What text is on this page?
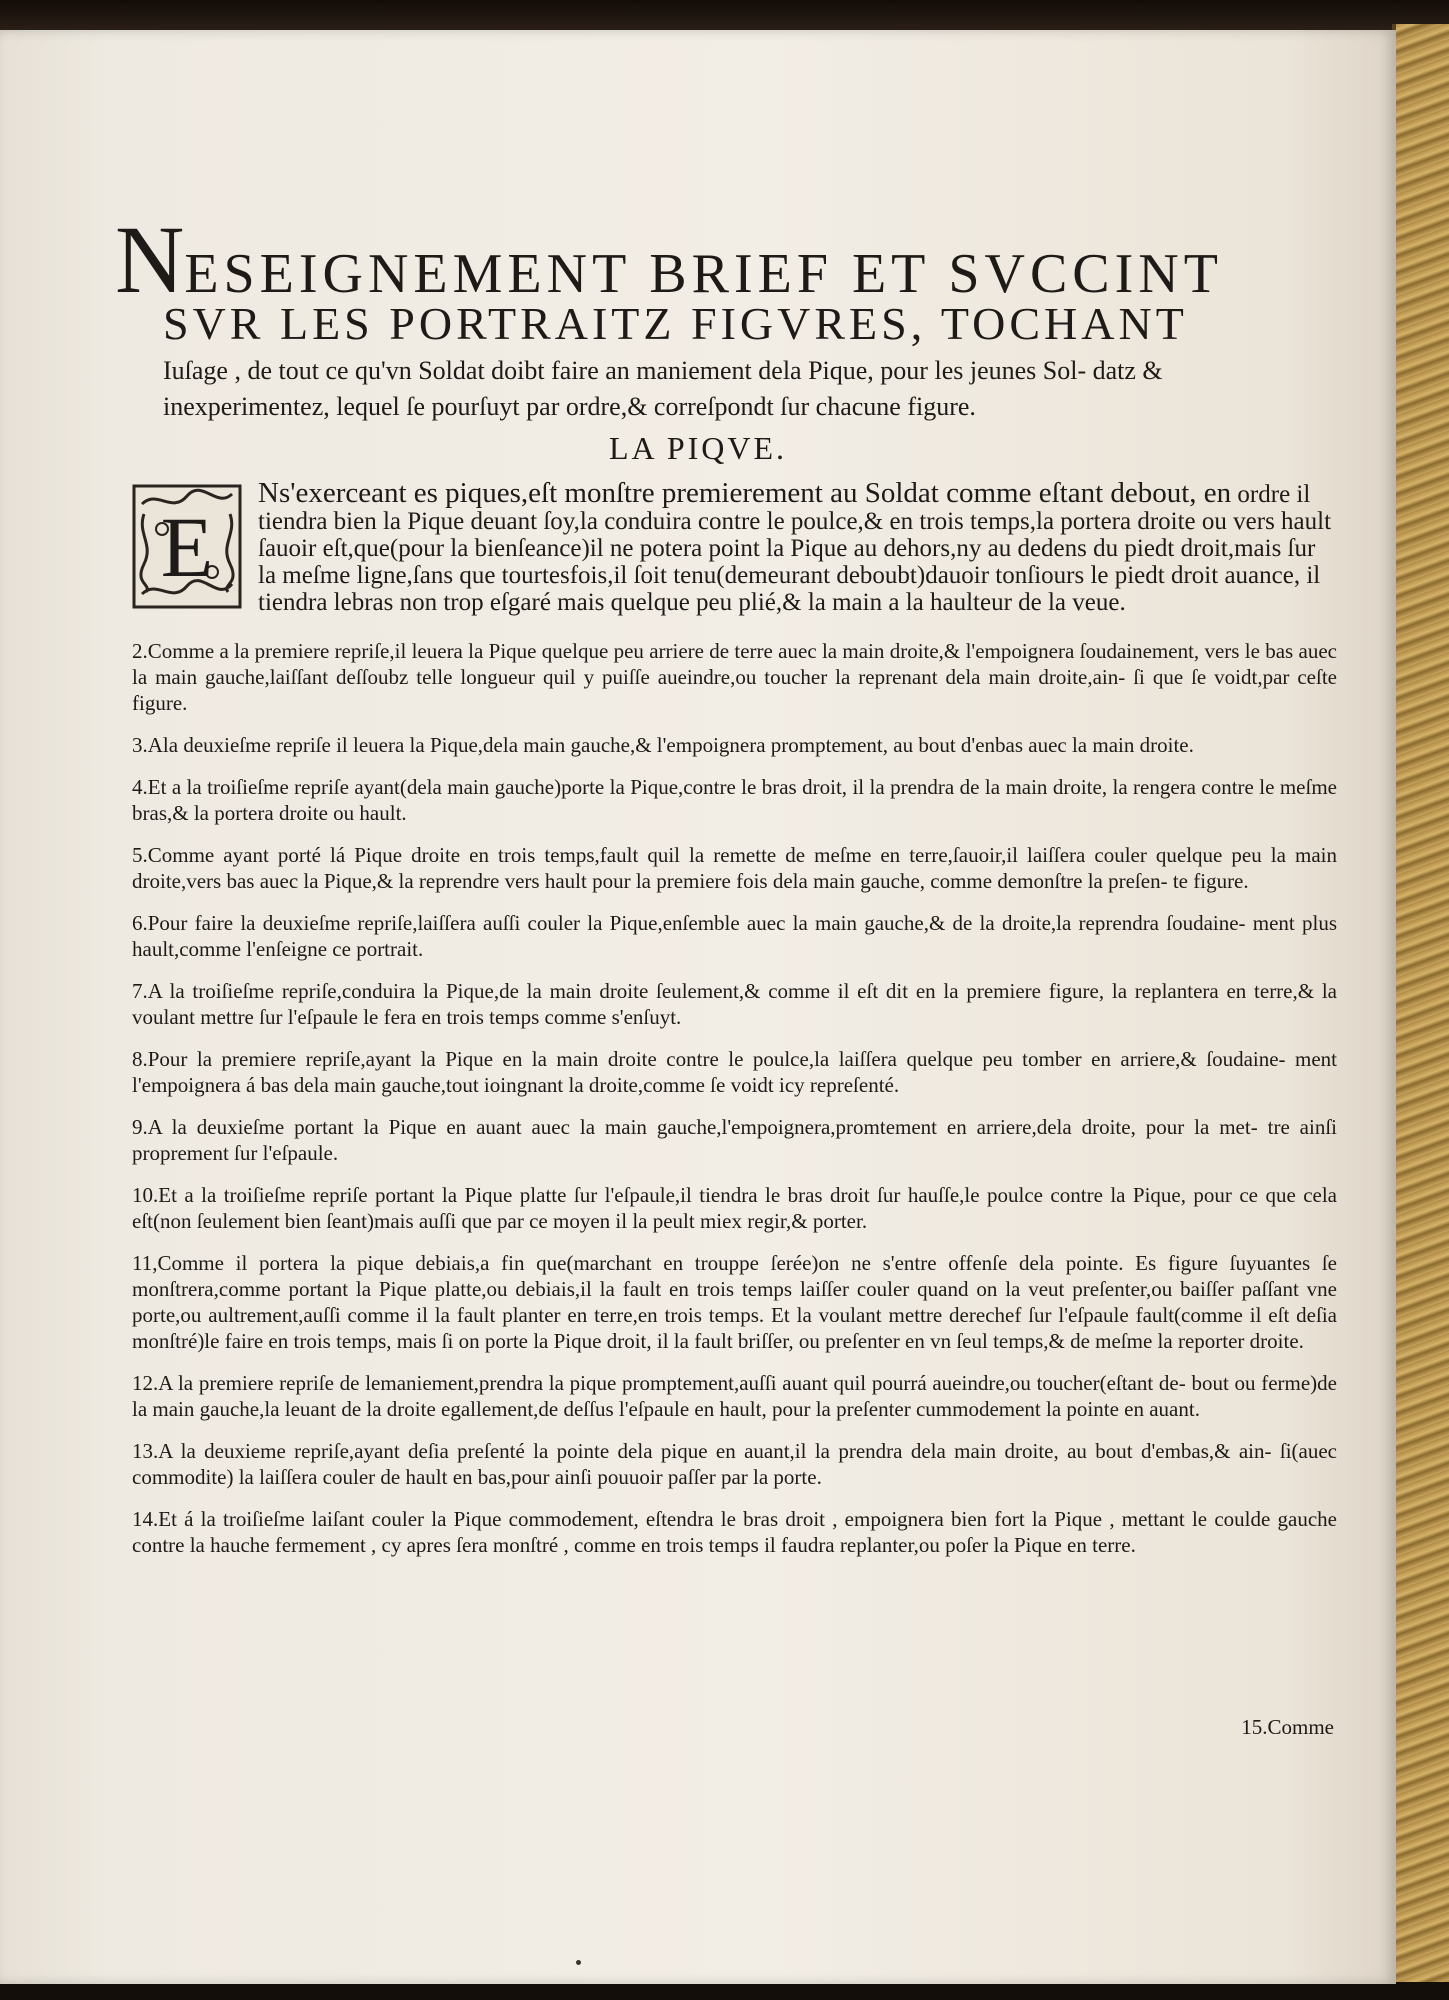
N ESEIGNEMENT BRIEF ET SVCCINT
SVR LES PORTRAITZ FIGVRES, TOCHANT
Iuſage , de tout ce qu'vn Soldat doibt faire an maniement dela Pique, pour les jeunes Sol- datz & inexperimentez, lequel ſe pourſuyt par ordre,& correſpondt ſur chacune figure.
LA PIQVE.
E
Ns'exerceant es piques,eſt monſtre premierement au Soldat comme eſtant debout, en ordre il tiendra bien la Pique deuant ſoy,la conduira contre le poulce,& en trois temps,la portera droite ou vers hault ſauoir eſt,que(pour la bienſeance)il ne potera point la Pique au dehors,ny au dedens du piedt droit,mais ſur la meſme ligne,ſans que tourtesfois,il ſoit tenu(demeurant deboubt)dauoir tonſiours le piedt droit auance, il tiendra lebras non trop eſgaré mais quelque peu plié,& la main a la haulteur de la veue.

2.Comme a la premiere repriſe,il leuera la Pique quelque peu arriere de terre auec la main droite,& l'empoignera ſoudainement, vers le bas auec la main gauche,laiſſant deſſoubz telle longueur quil y puiſſe aueindre,ou toucher la reprenant dela main droite,ain- ſi que ſe voidt,par ceſte figure.

3.Ala deuxieſme repriſe il leuera la Pique,dela main gauche,& l'empoignera promptement, au bout d'enbas auec la main droite.

4.Et a la troiſieſme repriſe ayant(dela main gauche)porte la Pique,contre le bras droit, il la prendra de la main droite, la rengera contre le meſme bras,& la portera droite ou hault.

5.Comme ayant porté lá Pique droite en trois temps,fault quil la remette de meſme en terre,ſauoir,il laiſſera couler quelque peu la main droite,vers bas auec la Pique,& la reprendre vers hault pour la premiere fois dela main gauche, comme demonſtre la preſen- te figure.

6.Pour faire la deuxieſme repriſe,laiſſera auſſi couler la Pique,enſemble auec la main gauche,& de la droite,la reprendra ſoudaine- ment plus hault,comme l'enſeigne ce portrait.

7.A la troiſieſme repriſe,conduira la Pique,de la main droite ſeulement,& comme il eſt dit en la premiere figure, la replantera en terre,& la voulant mettre ſur l'eſpaule le fera en trois temps comme s'enſuyt.

8.Pour la premiere repriſe,ayant la Pique en la main droite contre le poulce,la laiſſera quelque peu tomber en arriere,& ſoudaine- ment l'empoignera á bas dela main gauche,tout ioingnant la droite,comme ſe voidt icy repreſenté.

9.A la deuxieſme portant la Pique en auant auec la main gauche,l'empoignera,promtement en arriere,dela droite, pour la met- tre ainſi proprement ſur l'eſpaule.

10.Et a la troiſieſme repriſe portant la Pique platte ſur l'eſpaule,il tiendra le bras droit ſur hauſſe,le poulce contre la Pique, pour ce que cela eſt(non ſeulement bien ſeant)mais auſſi que par ce moyen il la peult miex regir,& porter.

11,Comme il portera la pique debiais,a fin que(marchant en trouppe ſerée)on ne s'entre offenſe dela pointe. Es figure ſuyuantes ſe monſtrera,comme portant la Pique platte,ou debiais,il la fault en trois temps laiſſer couler quand on la veut preſenter,ou baiſſer paſſant vne porte,ou aultrement,auſſi comme il la fault planter en terre,en trois temps. Et la voulant mettre derechef ſur l'eſpaule fault(comme il eſt deſia monſtré)le faire en trois temps, mais ſi on porte la Pique droit, il la fault briſſer, ou preſenter en vn ſeul temps,& de meſme la reporter droite.

12.A la premiere repriſe de lemaniement,prendra la pique promptement,auſſi auant quil pourrá aueindre,ou toucher(eſtant de- bout ou ferme)de la main gauche,la leuant de la droite egallement,de deſſus l'eſpaule en hault, pour la preſenter cummodement la pointe en auant.

13.A la deuxieme repriſe,ayant deſia preſenté la pointe dela pique en auant,il la prendra dela main droite, au bout d'embas,& ain- ſi(auec commodite) la laiſſera couler de hault en bas,pour ainſi pouuoir paſſer par la porte.

14.Et á la troiſieſme laiſant couler la Pique commodement, eſtendra le bras droit , empoignera bien fort la Pique , mettant le coulde gauche contre la hauche fermement , cy apres ſera monſtré , comme en trois temps il faudra replanter,ou poſer la Pique en terre.

15.Comme
